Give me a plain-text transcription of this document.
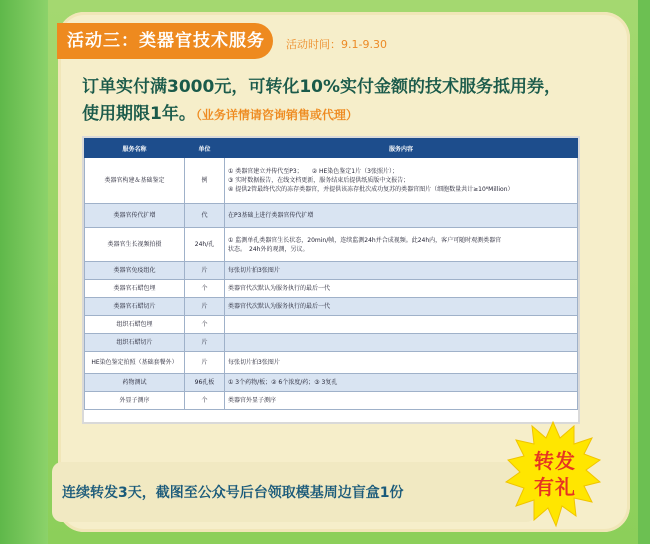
活动三：类器官技术服务	活动时间：9.1-9.30
订单实付满3000元，可转化10%实付金额的技术服务抵用券，
使用期限1年。（业务详情请咨询销售或代理）
服务名称	单位	服务内容
类器官构建＆基础鉴定	例	① 类器官建立并传代至P3；　　② HE染色鉴定1片（3张照片）；
③ 实时数据报告，在线文档更新，服务结束后提供纸质版中文报告；
④ 提供2管最终代次的冻存类器官，并提供该冻存批次成功复苏的类器官图片（细胞数量共计≥10⁶Million）

类器官传代扩增	代	在P3基础上进行类器官传代扩增
类器官生长视频拍摄	24h/孔	① 监测单孔类器官生长状态，20min/帧，连续监测24h并合成视频。此24h内，客户可随时观测类器官
状态。　24h外的观测，另议。

类器官免疫组化	片	每张切片拍3张图片
类器官石蜡包埋	个	类器官代次默认为服务执行的最后一代
类器官石蜡切片	片	类器官代次默认为服务执行的最后一代
组织石蜡包埋	个	
组织石蜡切片	片	
HE染色鉴定拍照（基础套餐外）	片	每张切片拍3张图片
药物测试	96孔板	① 3个药物/板；② 6个浓度/药；③ 3复孔
外显子测序	个	类器官外显子测序
连续转发3天，截图至公众号后台领取模基周边盲盒1份
转发
有礼
